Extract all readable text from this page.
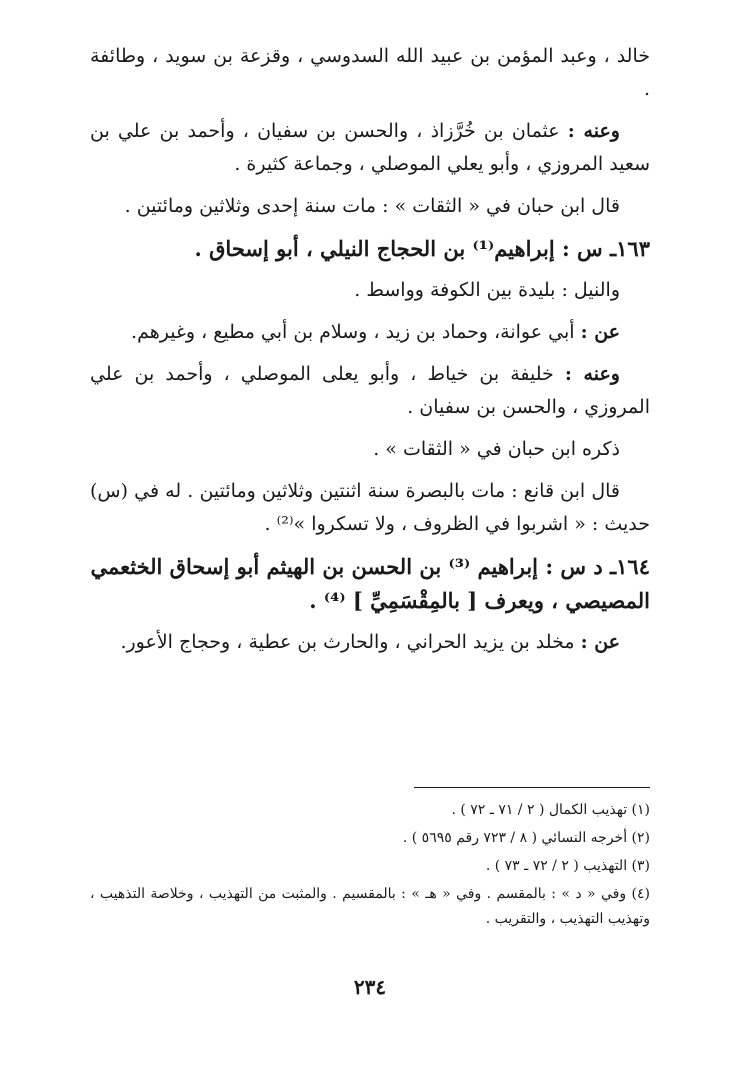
خالد ، وعبد المؤمن بن عبيد الله السدوسي ، وقزعة بن سويد ، وطائفة .

وعنه : عثمان بن خُرَّزاذ ، والحسن بن سفيان ، وأحمد بن علي بن سعيد المروزي ، وأبو يعلي الموصلي ، وجماعة كثيرة .

قال ابن حبان في « الثقات » : مات سنة إحدى وثلاثين ومائتين .

١٦٣ـ س : إبراهيم⁽¹⁾ بن الحجاج النيلي ، أبو إسحاق .

والنيل : بليدة بين الكوفة وواسط .

عن : أبي عوانة، وحماد بن زيد ، وسلام بن أبي مطيع ، وغيرهم.

وعنه : خليفة بن خياط ، وأبو يعلى الموصلي ، وأحمد بن علي المروزي ، والحسن بن سفيان .

ذكره ابن حبان في « الثقات » .

قال ابن قانع : مات بالبصرة سنة اثنتين وثلاثين ومائتين . له في (س) حديث : « اشربوا في الظروف ، ولا تسكروا »⁽²⁾ .

١٦٤ـ د س : إبراهيم ⁽³⁾ بن الحسن بن الهيثم أبو إسحاق الخثعمي المصيصي ، ويعرف [ بالمِقْسَمِيِّ ] ⁽⁴⁾ .

عن : مخلد بن يزيد الحراني ، والحارث بن عطية ، وحجاج الأعور.

(١) تهذيب الكمال ( ٢ / ٧١ ـ ٧٢ ) .

(٢) أخرجه النسائي ( ٨ / ٧٢٣ رقم ٥٦٩٥ ) .

(٣) التهذيب ( ٢ / ٧٢ ـ ٧٣ ) .

(٤) وفي « د » : بالمقسم . وفي « هـ » : بالمقسيم . والمثبت من التهذيب ، وخلاصة التذهيب ، وتهذيب التهذيب ، والتقريب .

٢٣٤
